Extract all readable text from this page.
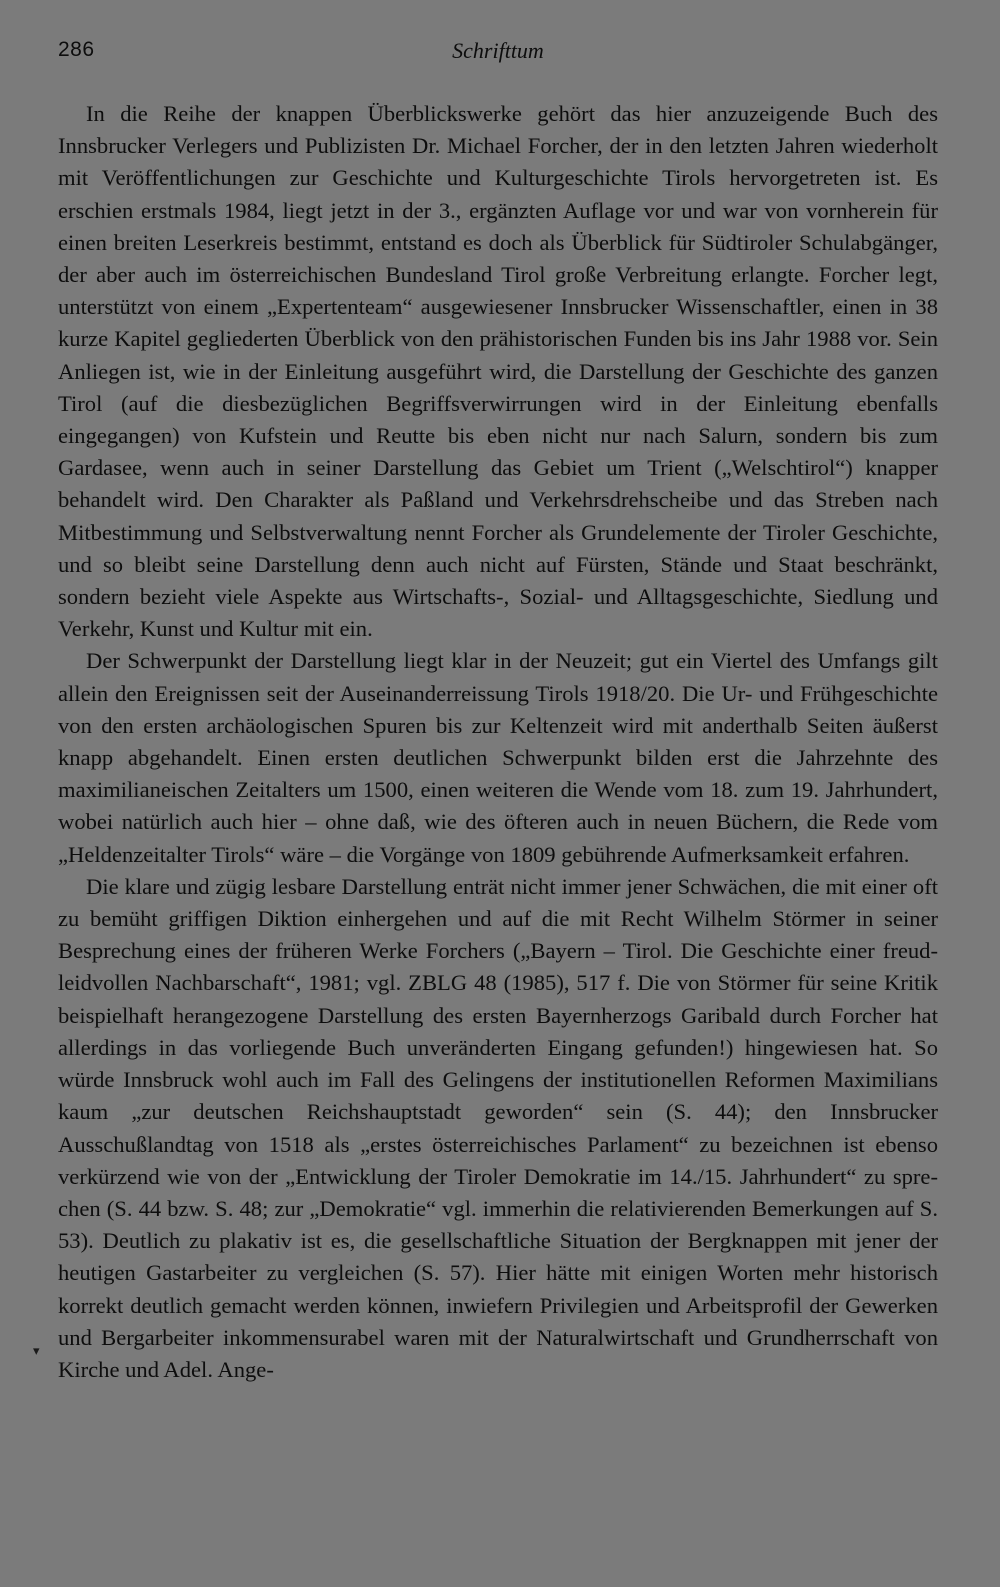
286	Schrifttum

In die Reihe der knappen Überblickswerke gehört das hier anzuzeigende Buch des Innsbrucker Verlegers und Publizisten Dr. Michael Forcher, der in den letzten Jahren wiederholt mit Veröffentlichungen zur Geschichte und Kulturgeschichte Tirols hervorgetreten ist. Es erschien erstmals 1984, liegt jetzt in der 3., ergänzten Auflage vor und war von vornherein für einen breiten Leserkreis bestimmt, entstand es doch als Überblick für Südtiroler Schulabgänger, der aber auch im österreichischen Bundesland Tirol große Verbreitung erlangte. Forcher legt, unterstützt von einem „Expertenteam“ ausgewiesener Innsbrucker Wissenschaftler, einen in 38 kurze Kapitel gegliederten Überblick von den prähistorischen Funden bis ins Jahr 1988 vor. Sein Anliegen ist, wie in der Einleitung ausgeführt wird, die Darstellung der Geschichte des ganzen Tirol (auf die diesbezüglichen Begriffsverwirrungen wird in der Einleitung ebenfalls eingegangen) von Kufstein und Reutte bis eben nicht nur nach Salurn, sondern bis zum Gardasee, wenn auch in seiner Darstellung das Gebiet um Trient („Welschtirol“) knapper behandelt wird. Den Charakter als Paßland und Verkehrsdrehscheibe und das Streben nach Mitbestimmung und Selbstverwaltung nennt Forcher als Grundelemente der Tiroler Geschichte, und so bleibt seine Darstellung denn auch nicht auf Fürsten, Stände und Staat beschränkt, sondern bezieht viele Aspekte aus Wirtschafts-, Sozial- und Alltagsgeschichte, Siedlung und Verkehr, Kunst und Kultur mit ein.

Der Schwerpunkt der Darstellung liegt klar in der Neuzeit; gut ein Viertel des Umfangs gilt allein den Ereignissen seit der Auseinanderreissung Tirols 1918/20. Die Ur- und Frühgeschichte von den ersten archäologischen Spuren bis zur Keltenzeit wird mit anderthalb Seiten äußerst knapp abgehandelt. Einen ersten deutlichen Schwerpunkt bilden erst die Jahrzehnte des maximilianeischen Zeitalters um 1500, einen weiteren die Wende vom 18. zum 19. Jahrhundert, wobei natürlich auch hier – ohne daß, wie des öfteren auch in neuen Büchern, die Rede vom „Heldenzeitalter Tirols“ wäre – die Vorgänge von 1809 gebührende Aufmerksamkeit erfahren.

Die klare und zügig lesbare Darstellung enträt nicht immer jener Schwächen, die mit einer oft zu bemüht griffigen Diktion einhergehen und auf die mit Recht Wilhelm Störmer in seiner Besprechung eines der früheren Werke Forchers („Bayern – Tirol. Die Geschichte einer freud-leidvollen Nachbarschaft“, 1981; vgl. ZBLG 48 (1985), 517 f. Die von Störmer für seine Kritik beispielhaft herangezogene Darstellung des ersten Bayernherzogs Garibald durch Forcher hat allerdings in das vorliegende Buch unveränderten Eingang gefunden!) hingewiesen hat. So würde Innsbruck wohl auch im Fall des Gelingens der institutionellen Reformen Maximilians kaum „zur deutschen Reichshauptstadt geworden“ sein (S. 44); den Innsbrucker Ausschußlandtag von 1518 als „erstes österreichisches Parlament“ zu bezeichnen ist ebenso verkürzend wie von der „Entwicklung der Tiroler Demokratie im 14./15. Jahrhundert“ zu sprechen (S. 44 bzw. S. 48; zur „Demokratie“ vgl. immerhin die relativierenden Bemerkungen auf S. 53). Deutlich zu plakativ ist es, die gesellschaftliche Situation der Bergknappen mit jener der heutigen Gastarbeiter zu vergleichen (S. 57). Hier hätte mit einigen Worten mehr historisch korrekt deutlich gemacht werden können, inwiefern Privilegien und Arbeitsprofil der Gewerken und Bergarbeiter inkommensurabel waren mit der Naturalwirtschaft und Grundherrschaft von Kirche und Adel. Ange-

▾
